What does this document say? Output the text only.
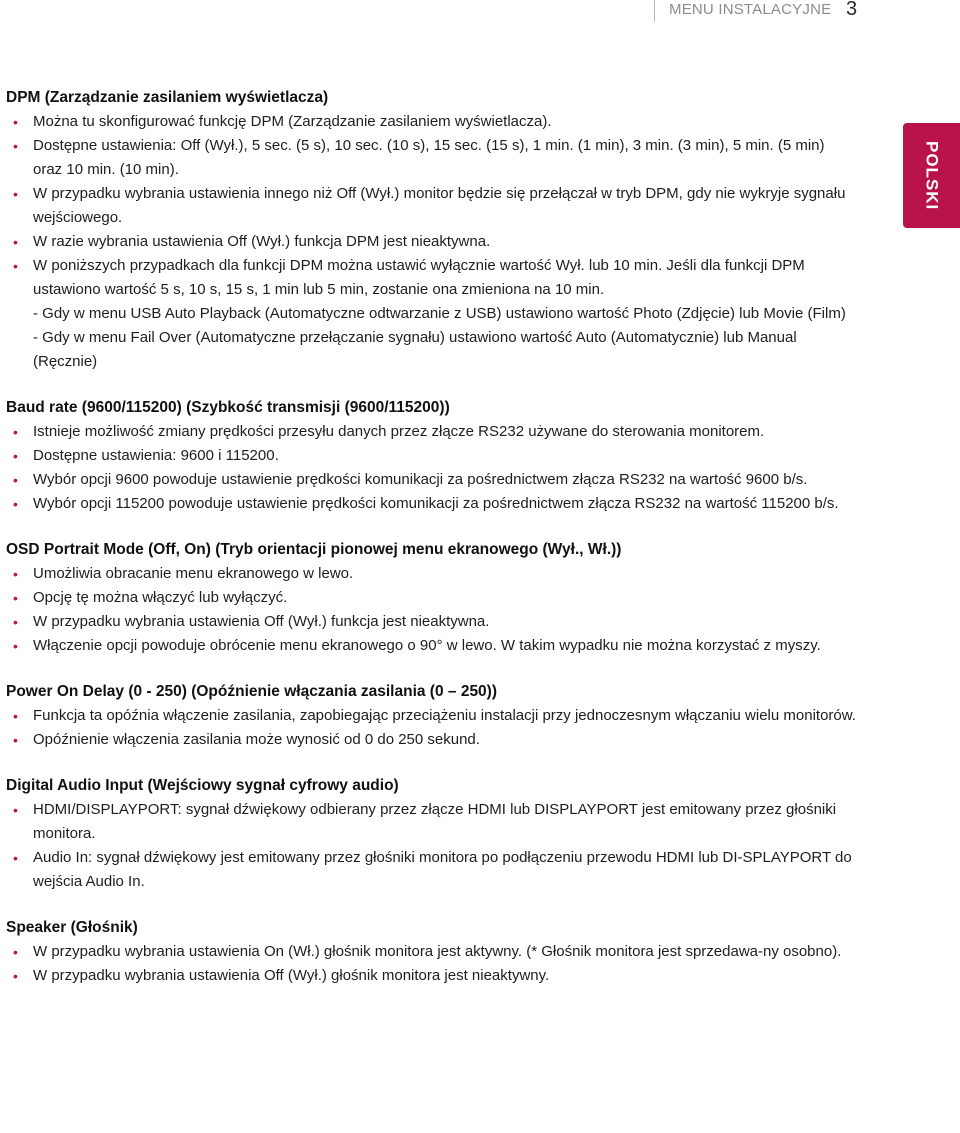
MENU INSTALACYJNE 3
POLSKI
DPM (Zarządzanie zasilaniem wyświetlacza)
• Można tu skonfigurować funkcję DPM (Zarządzanie zasilaniem wyświetlacza).
• Dostępne ustawienia: Off (Wył.), 5 sec. (5 s), 10 sec. (10 s), 15 sec. (15 s), 1 min. (1 min), 3 min. (3 min), 5 min. (5 min) oraz 10 min. (10 min).
• W przypadku wybrania ustawienia innego niż Off (Wył.) monitor będzie się przełączał w tryb DPM, gdy nie wykryje sygnału wejściowego.
• W razie wybrania ustawienia Off (Wył.) funkcja DPM jest nieaktywna.
• W poniższych przypadkach dla funkcji DPM można ustawić wyłącznie wartość Wył. lub 10 min. Jeśli dla funkcji DPM ustawiono wartość 5 s, 10 s, 15 s, 1 min lub 5 min, zostanie ona zmieniona na 10 min.
- Gdy w menu USB Auto Playback (Automatyczne odtwarzanie z USB) ustawiono wartość Photo (Zdjęcie) lub Movie (Film)
- Gdy w menu Fail Over (Automatyczne przełączanie sygnału) ustawiono wartość Auto (Automatycznie) lub Manual (Ręcznie)
Baud rate (9600/115200) (Szybkość transmisji (9600/115200))
• Istnieje możliwość zmiany prędkości przesyłu danych przez złącze RS232 używane do sterowania monitorem.
• Dostępne ustawienia: 9600 i 115200.
• Wybór opcji 9600 powoduje ustawienie prędkości komunikacji za pośrednictwem złącza RS232 na wartość 9600 b/s.
• Wybór opcji 115200 powoduje ustawienie prędkości komunikacji za pośrednictwem złącza RS232 na wartość 115200 b/s.
OSD Portrait Mode (Off, On) (Tryb orientacji pionowej menu ekranowego (Wył., Wł.))
• Umożliwia obracanie menu ekranowego w lewo.
• Opcję tę można włączyć lub wyłączyć.
• W przypadku wybrania ustawienia Off (Wył.) funkcja jest nieaktywna.
• Włączenie opcji powoduje obrócenie menu ekranowego o 90° w lewo. W takim wypadku nie można korzystać z myszy.
Power On Delay (0 - 250) (Opóźnienie włączania zasilania (0 – 250))
• Funkcja ta opóźnia włączenie zasilania, zapobiegając przeciążeniu instalacji przy jednoczesnym włączaniu wielu monitorów.
• Opóźnienie włączenia zasilania może wynosić od 0 do 250 sekund.
Digital Audio Input (Wejściowy sygnał cyfrowy audio)
• HDMI/DISPLAYPORT: sygnał dźwiękowy odbierany przez złącze HDMI lub DISPLAYPORT jest emitowany przez głośniki monitora.
• Audio In: sygnał dźwiękowy jest emitowany przez głośniki monitora po podłączeniu przewodu HDMI lub DI-SPLAYPORT do wejścia Audio In.
Speaker (Głośnik)
• W przypadku wybrania ustawienia On (Wł.) głośnik monitora jest aktywny. (* Głośnik monitora jest sprzedawa-ny osobno).
• W przypadku wybrania ustawienia Off (Wył.) głośnik monitora jest nieaktywny.
